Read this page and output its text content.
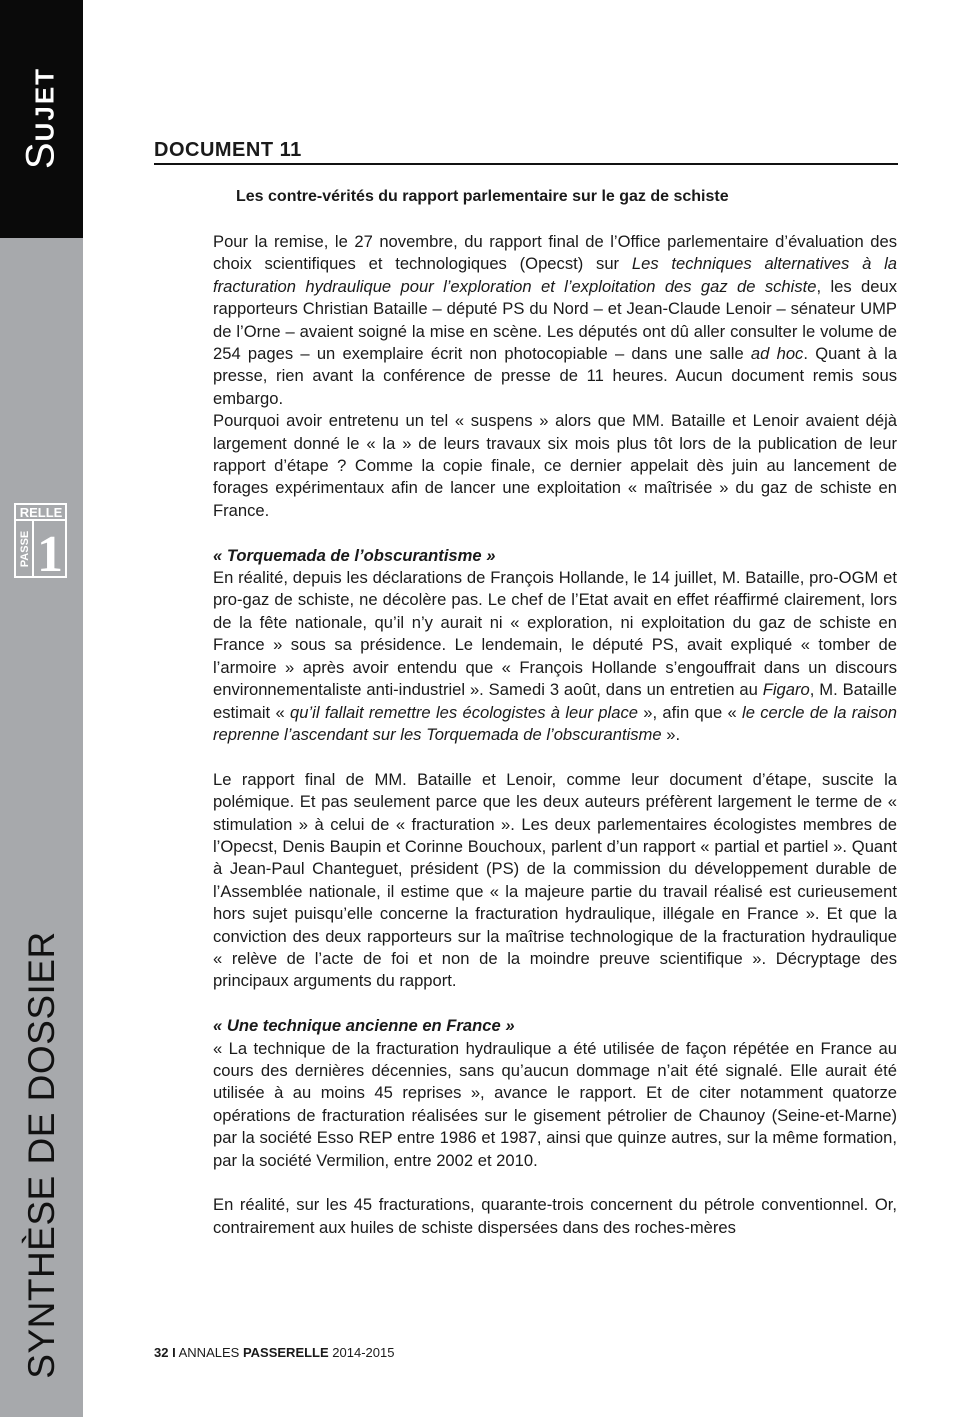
SUJET
RELLE
PASSE 1
SYNTHÈSE DE DOSSIER
DOCUMENT 11
Les contre-vérités du rapport parlementaire sur le gaz de schiste

Pour la remise, le 27 novembre, du rapport final de l’Office parlementaire d’évaluation des choix scientifiques et technologiques (Opecst) sur Les techniques alternatives à la fracturation hydraulique pour l’exploration et l’exploitation des gaz de schiste, les deux rapporteurs Christian Bataille – député PS du Nord – et Jean-Claude Lenoir – sénateur UMP de l’Orne – avaient soigné la mise en scène. Les députés ont dû aller consulter le volume de 254 pages – un exemplaire écrit non photocopiable – dans une salle ad hoc. Quant à la presse, rien avant la conférence de presse de 11 heures. Aucun document remis sous embargo.

Pourquoi avoir entretenu un tel « suspens » alors que MM. Bataille et Lenoir avaient déjà largement donné le « la » de leurs travaux six mois plus tôt lors de la publication de leur rapport d’étape ? Comme la copie finale, ce dernier appelait dès juin au lancement de forages expérimentaux afin de lancer une exploitation « maîtrisée » du gaz de schiste en France.

« Torquemada de l’obscurantisme »

En réalité, depuis les déclarations de François Hollande, le 14 juillet, M. Bataille, pro-OGM et pro-gaz de schiste, ne décolère pas. Le chef de l’Etat avait en effet réaffirmé clairement, lors de la fête nationale, qu’il n’y aurait ni « exploration, ni exploitation du gaz de schiste en France » sous sa présidence. Le lendemain, le député PS, avait expliqué « tomber de l’armoire » après avoir entendu que « François Hollande s’engouffrait dans un discours environnementaliste anti-industriel ». Samedi 3 août, dans un entretien au Figaro, M. Bataille estimait « qu’il fallait remettre les écologistes à leur place », afin que « le cercle de la raison reprenne l’ascendant sur les Torquemada de l’obscurantisme ».

Le rapport final de MM. Bataille et Lenoir, comme leur document d’étape, suscite la polémique. Et pas seulement parce que les deux auteurs préfèrent largement le terme de « stimulation » à celui de « fracturation ». Les deux parlementaires écologistes membres de l’Opecst, Denis Baupin et Corinne Bouchoux, parlent d’un rapport « partial et partiel ». Quant à Jean-Paul Chanteguet, président (PS) de la commission du développement durable de l’Assemblée nationale, il estime que « la majeure partie du travail réalisé est curieusement hors sujet puisqu’elle concerne la fracturation hydraulique, illégale en France ». Et que la conviction des deux rapporteurs sur la maîtrise technologique de la fracturation hydraulique « relève de l’acte de foi et non de la moindre preuve scientifique ». Décryptage des principaux arguments du rapport.

« Une technique ancienne en France »

« La technique de la fracturation hydraulique a été utilisée de façon répétée en France au cours des dernières décennies, sans qu’aucun dommage n’ait été signalé. Elle aurait été utilisée à au moins 45 reprises », avance le rapport. Et de citer notamment quatorze opérations de fracturation réalisées sur le gisement pétrolier de Chaunoy (Seine-et-Marne) par la société Esso REP entre 1986 et 1987, ainsi que quinze autres, sur la même formation, par la société Vermilion, entre 2002 et 2010.

En réalité, sur les 45 fracturations, quarante-trois concernent du pétrole conventionnel. Or, contrairement aux huiles de schiste dispersées dans des roches-mères

32 I ANNALES PASSERELLE 2014-2015
